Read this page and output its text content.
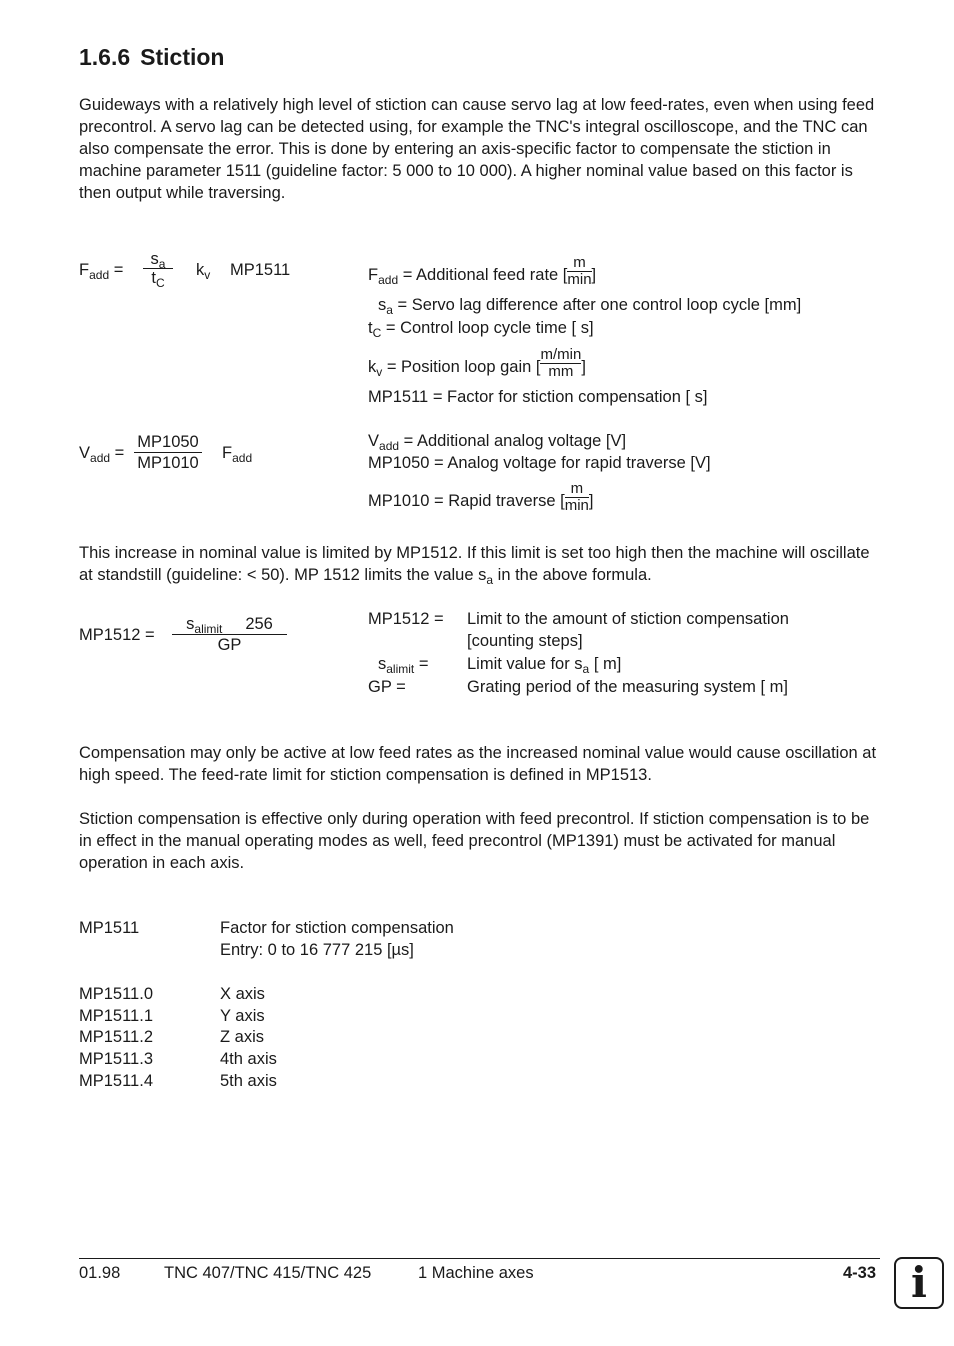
1.6.6 Stiction

Guideways with a relatively high level of stiction can cause servo lag at low feed-rates, even when using feed precontrol. A servo lag can be detected using, for example the TNC's integral oscilloscope, and the TNC can also compensate the error. This is done by entering an axis-specific factor to compensate the stiction in machine parameter 1511 (guideline factor: 5 000 to 10 000). A higher nominal value based on this factor is then output while traversing.

$F_{add} = \frac{s_a}{t_C} k_v$ MP1511	$F_{add}$ = Additional feed rate [
m
min ]
$s_a$ = Servo lag difference after one control loop cycle [mm]
$t_C$ = Control loop cycle time [ s]
$k_v$ = Position loop gain [
m/min
mm ]
MP1511 = Factor for stiction compensation [ s]
$V_{add} = \frac{MP1050}{MP1010} F_{add}$
$V_{add}$ = Additional analog voltage [V]
MP1050 = Analog voltage for rapid traverse [V]
MP1010 = Rapid traverse [
m
min ]

This increase in nominal value is limited by MP1512. If this limit is set too high then the machine will oscillate at standstill (guideline: < 50). MP 1512 limits the value $s_a$ in the above formula.

$MP1512 = \frac{s_{alimit} 256}{GP}$	MP1512 = Limit to the amount of stiction compensation
[counting steps]
$s_{alimit}$ = Limit value for $s_a$ [ m]
GP =	Grating period of the measuring system [ m]

Compensation may only be active at low feed rates as the increased nominal value would cause oscillation at high speed. The feed-rate limit for stiction compensation is defined in MP1513.

Stiction compensation is effective only during operation with feed precontrol. If stiction compensation is to be in effect in the manual operating modes as well, feed precontrol (MP1391) must be activated for manual operation in each axis.

MP1511	Factor for stiction compensation
Entry: 0 to 16 777 215 [µs]
MP1511.0	X axis
MP1511.1	Y axis
MP1511.2	Z axis
MP1511.3	4th axis
MP1511.4	5th axis
01.98	TNC 407/TNC 415/TNC 425	1 Machine axes	4-33 i
